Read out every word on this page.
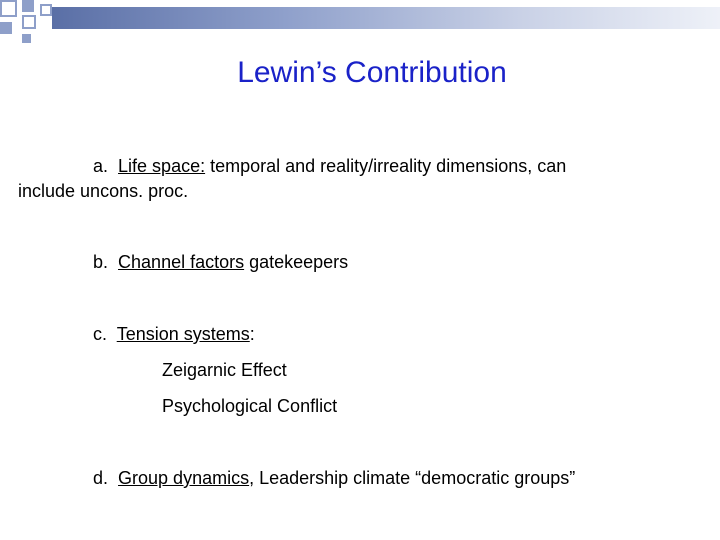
Lewin’s Contribution
a. Life space: temporal and reality/irreality dimensions, can
include uncons. proc.
b. Channel factors gatekeepers
c. Tension systems:
Zeigarnic Effect
Psychological Conflict
d. Group dynamics, Leadership climate “democratic groups”
